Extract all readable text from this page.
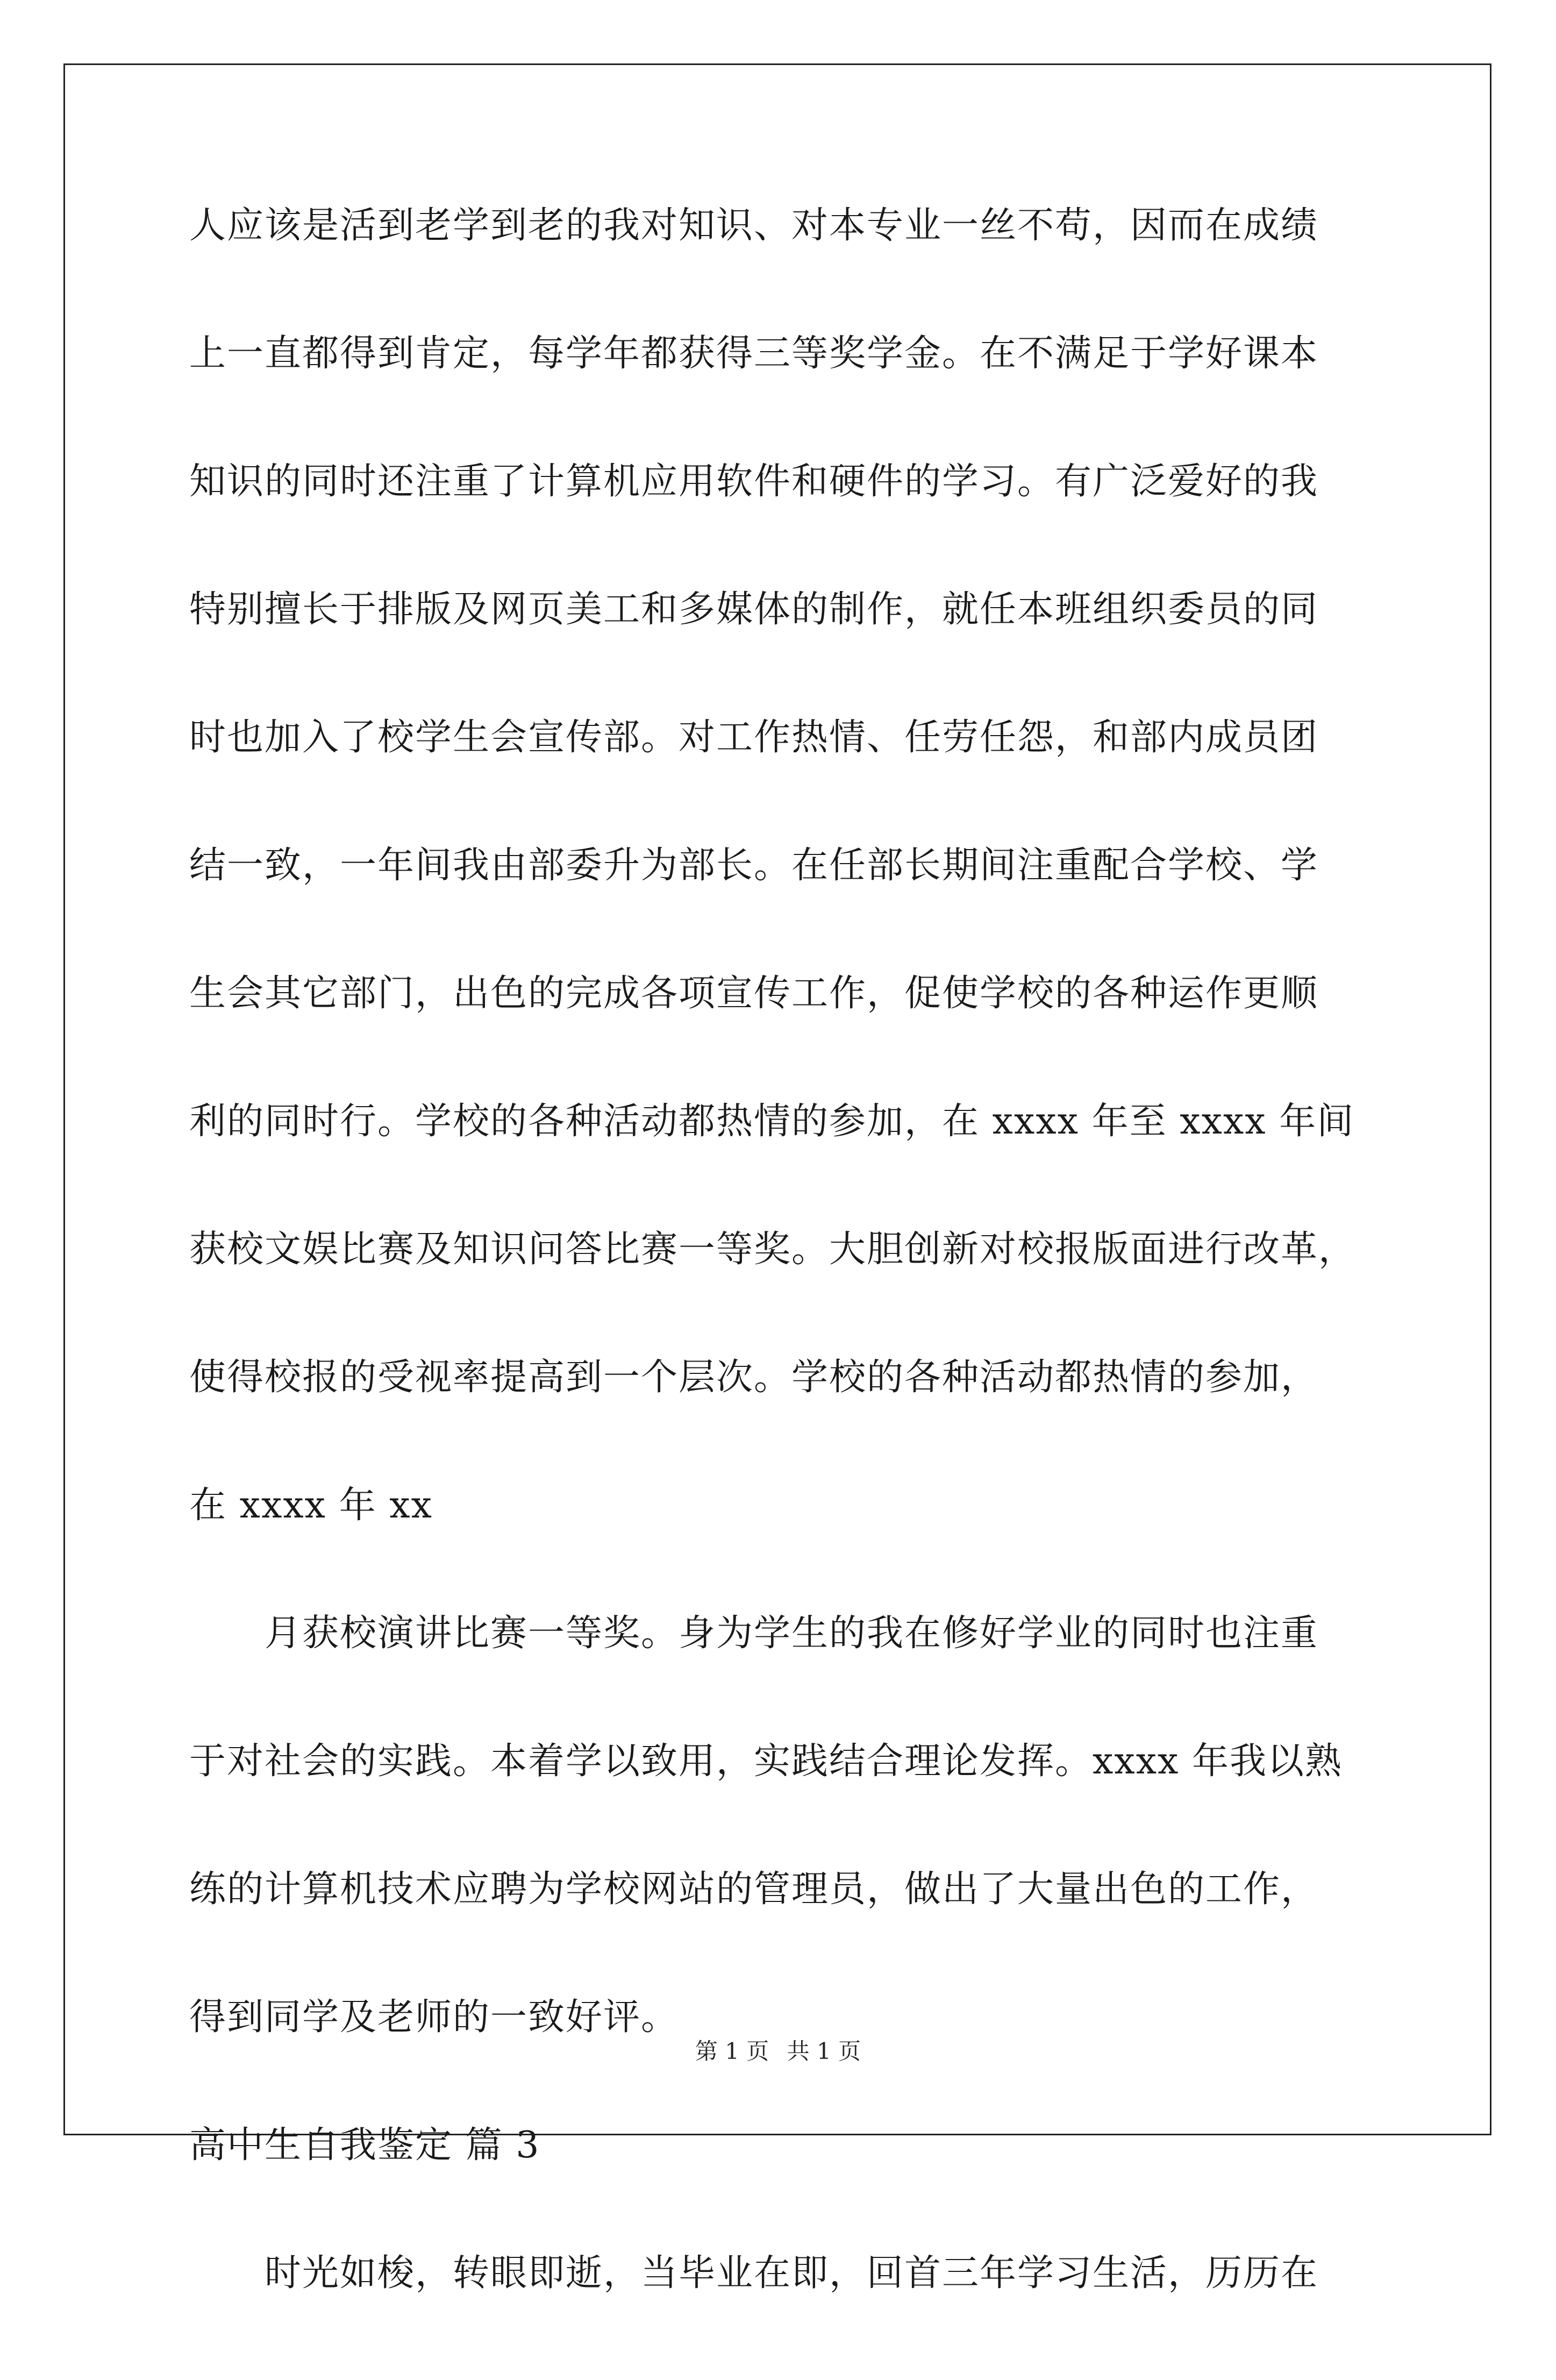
人应该是活到老学到老的我对知识、对本专业一丝不苟，因而在成绩

上一直都得到肯定，每学年都获得三等奖学金。在不满足于学好课本

知识的同时还注重了计算机应用软件和硬件的学习。有广泛爱好的我

特别擅长于排版及网页美工和多媒体的制作，就任本班组织委员的同

时也加入了校学生会宣传部。对工作热情、任劳任怨，和部内成员团

结一致，一年间我由部委升为部长。在任部长期间注重配合学校、学

生会其它部门，出色的完成各项宣传工作，促使学校的各种运作更顺

利的同时行。学校的各种活动都热情的参加，在 xxxx 年至 xxxx 年间

获校文娱比赛及知识问答比赛一等奖。大胆创新对校报版面进行改革，

使得校报的受视率提高到一个层次。学校的各种活动都热情的参加，

在 xxxx 年 xx

月获校演讲比赛一等奖。身为学生的我在修好学业的同时也注重

于对社会的实践。本着学以致用，实践结合理论发挥。xxxx 年我以熟

练的计算机技术应聘为学校网站的管理员，做出了大量出色的工作，

得到同学及老师的一致好评。

高中生自我鉴定 篇 3

时光如梭，转眼即逝，当毕业在即，回首三年学习生活，历历在

第 1 页 共 1 页
